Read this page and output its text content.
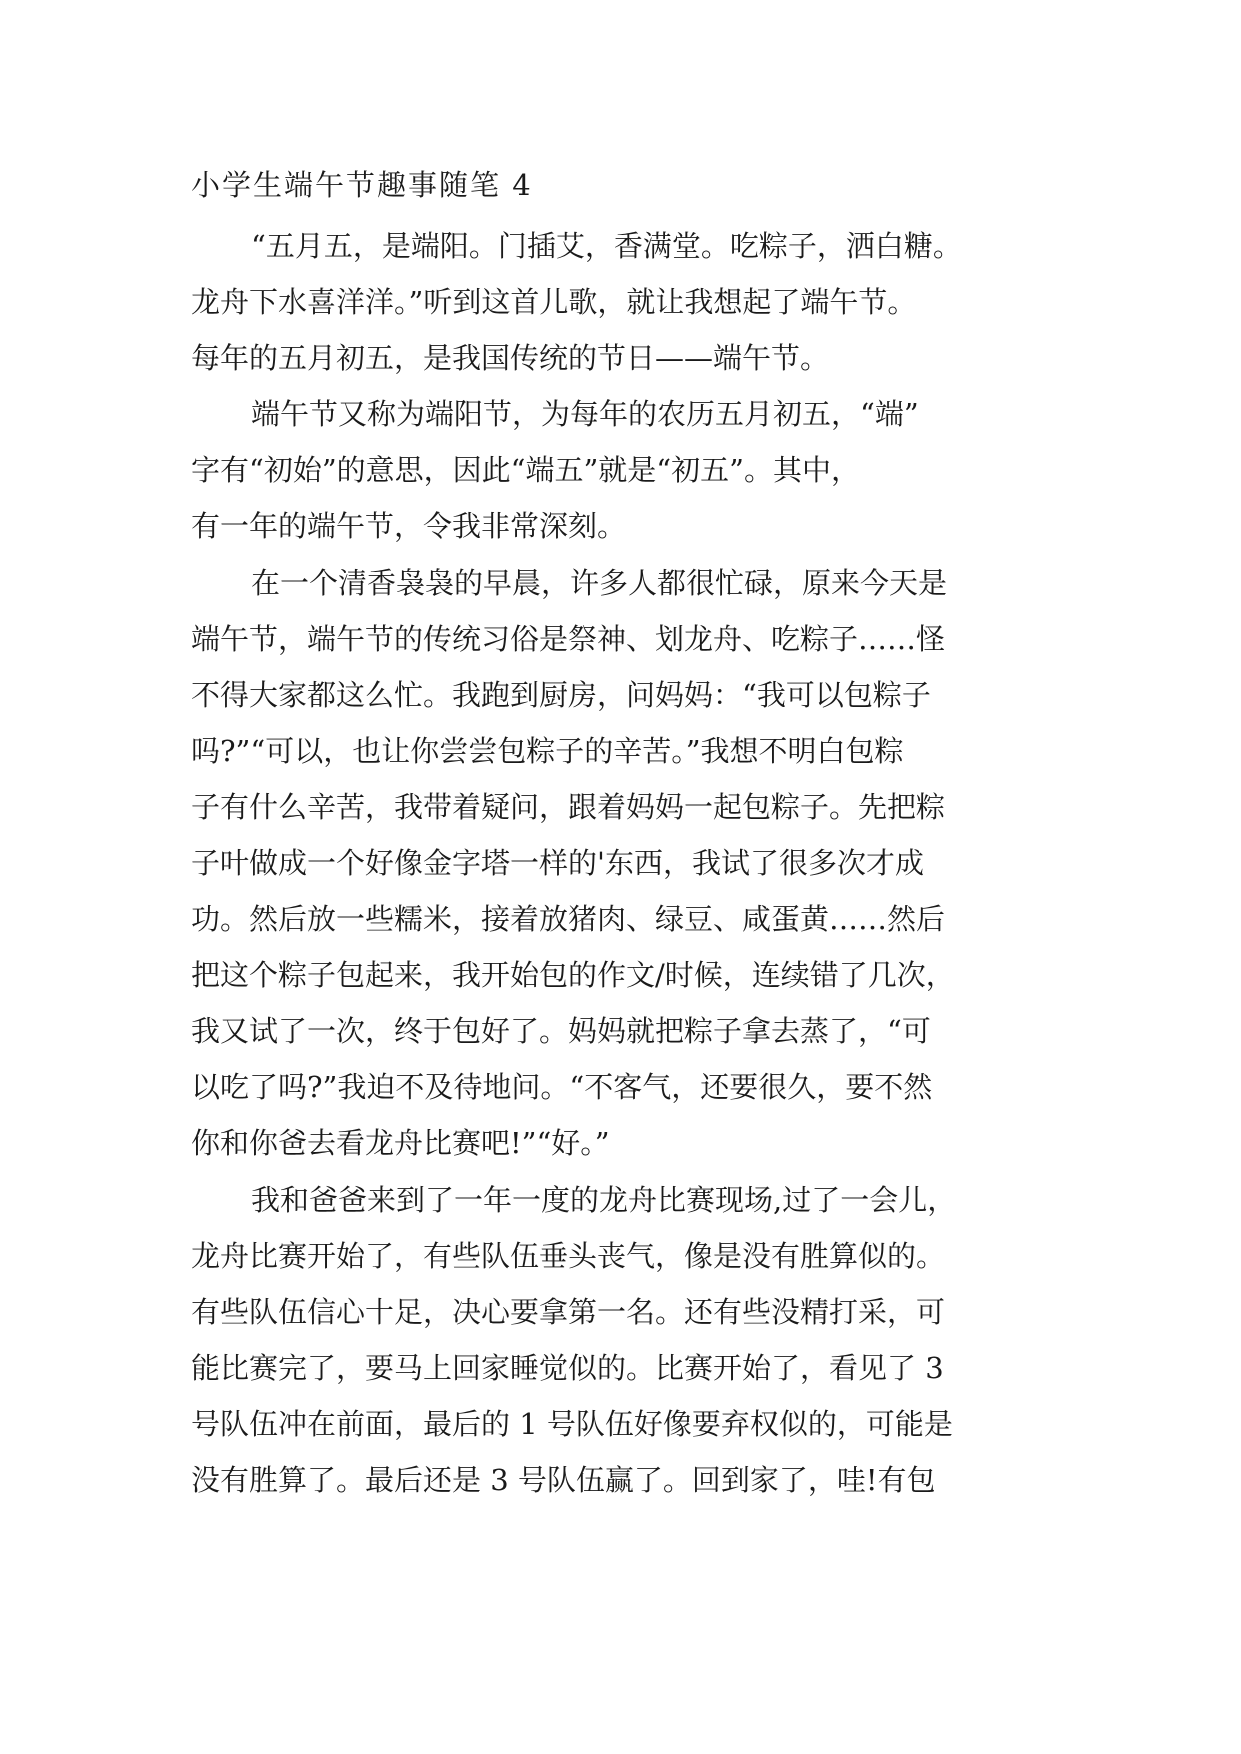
小学生端午节趣事随笔 4
“五月五，是端阳。门插艾，香满堂。吃粽子，洒白糖。
龙舟下水喜洋洋。”听到这首儿歌，就让我想起了端午节。
每年的五月初五，是我国传统的节日——端午节。
端午节又称为端阳节，为每年的农历五月初五，“端”
字有“初始”的意思，因此“端五”就是“初五”。其中，
有一年的端午节，令我非常深刻。
在一个清香袅袅的早晨，许多人都很忙碌，原来今天是
端午节，端午节的传统习俗是祭神、划龙舟、吃粽子……怪
不得大家都这么忙。我跑到厨房，问妈妈：“我可以包粽子
吗?”“可以，也让你尝尝包粽子的辛苦。”我想不明白包粽
子有什么辛苦，我带着疑问，跟着妈妈一起包粽子。先把粽
子叶做成一个好像金字塔一样的'东西，我试了很多次才成
功。然后放一些糯米，接着放猪肉、绿豆、咸蛋黄……然后
把这个粽子包起来，我开始包的作文/时候，连续错了几次，
我又试了一次，终于包好了。妈妈就把粽子拿去蒸了，“可
以吃了吗?”我迫不及待地问。“不客气，还要很久，要不然
你和你爸去看龙舟比赛吧!”“好。”
我和爸爸来到了一年一度的龙舟比赛现场,过了一会儿，
龙舟比赛开始了，有些队伍垂头丧气，像是没有胜算似的。
有些队伍信心十足，决心要拿第一名。还有些没精打采，可
能比赛完了，要马上回家睡觉似的。比赛开始了，看见了 3
号队伍冲在前面，最后的 1 号队伍好像要弃权似的，可能是
没有胜算了。最后还是 3 号队伍赢了。回到家了，哇!有包
